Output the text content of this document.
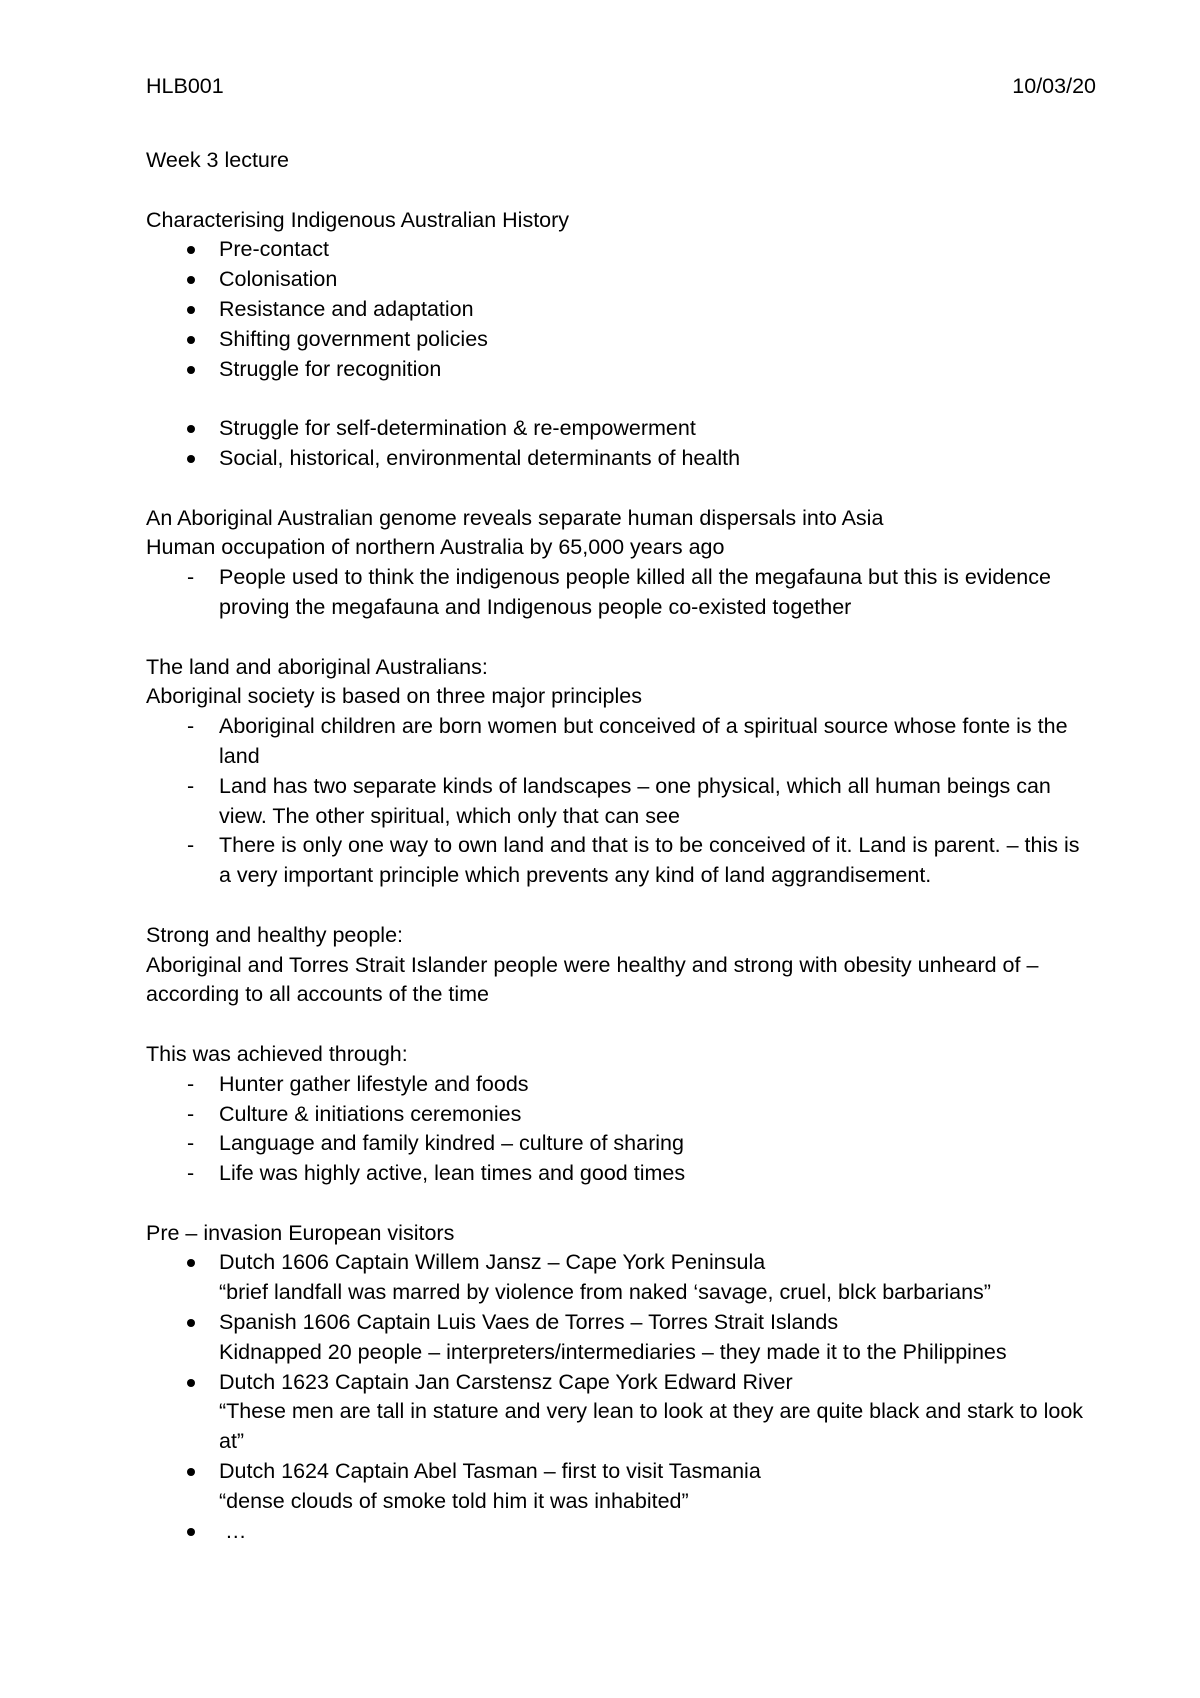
HLB001	10/03/20

Week 3 lecture

Characterising Indigenous Australian History

Pre-contact
Colonisation
Resistance and adaptation
Shifting government policies
Struggle for recognition
Struggle for self-determination & re-empowerment
Social, historical, environmental determinants of health

An Aboriginal Australian genome reveals separate human dispersals into Asia

Human occupation of northern Australia by 65,000 years ago

- People used to think the indigenous people killed all the megafauna but this is evidence proving the megafauna and Indigenous people co-existed together

The land and aboriginal Australians:

Aboriginal society is based on three major principles

- Aboriginal children are born women but conceived of a spiritual source whose fonte is the land
- Land has two separate kinds of landscapes – one physical, which all human beings can view. The other spiritual, which only that can see
- There is only one way to own land and that is to be conceived of it. Land is parent. – this is a very important principle which prevents any kind of land aggrandisement.

Strong and healthy people:

Aboriginal and Torres Strait Islander people were healthy and strong with obesity unheard of – according to all accounts of the time

This was achieved through:

- Hunter gather lifestyle and foods
- Culture & initiations ceremonies
- Language and family kindred – culture of sharing
- Life was highly active, lean times and good times

Pre – invasion European visitors

Dutch 1606 Captain Willem Jansz – Cape York Peninsula
“brief landfall was marred by violence from naked ‘savage, cruel, blck barbarians”
Spanish 1606 Captain Luis Vaes de Torres – Torres Strait Islands
Kidnapped 20 people – interpreters/intermediaries – they made it to the Philippines
Dutch 1623 Captain Jan Carstensz Cape York Edward River
“These men are tall in stature and very lean to look at they are quite black and stark to look at”
Dutch 1624 Captain Abel Tasman – first to visit Tasmania
“dense clouds of smoke told him it was inhabited”
…
